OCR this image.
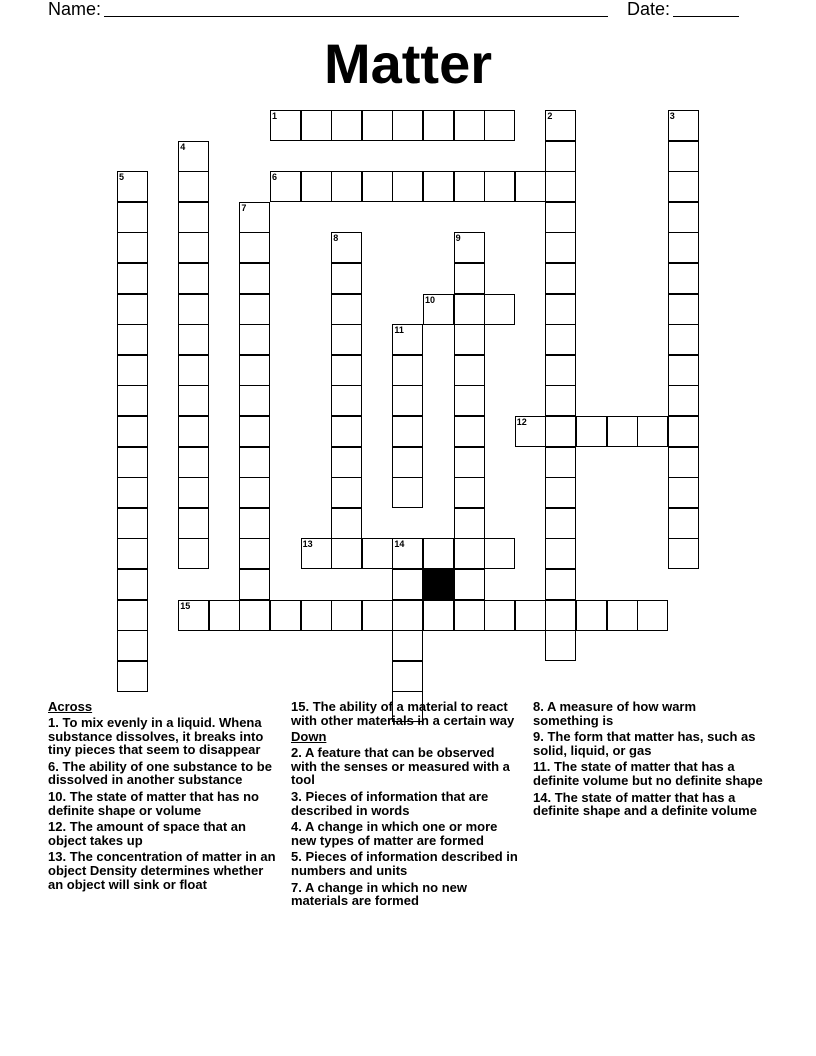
Name:	Date:
Matter
1	2	3
4
5	6
7
8	9
10
11
12
13	14
15
Across
1. To mix evenly in a liquid. Whena substance dissolves, it breaks into tiny pieces that seem to disappear
6. The ability of one substance to be dissolved in another substance
10. The state of matter that has no definite shape or volume
12. The amount of space that an object takes up
13. The concentration of matter in an object Density determines whether an object will sink or float
15. The ability of a material to react with other materials in a certain way
Down
2. A feature that can be observed with the senses or measured with a tool
3. Pieces of information that are described in words
4. A change in which one or more new types of matter are formed
5. Pieces of information described in numbers and units
7. A change in which no new materials are formed
8. A measure of how warm something is
9. The form that matter has, such as solid, liquid, or gas
11. The state of matter that has a definite volume but no definite shape
14. The state of matter that has a definite shape and a definite volume
